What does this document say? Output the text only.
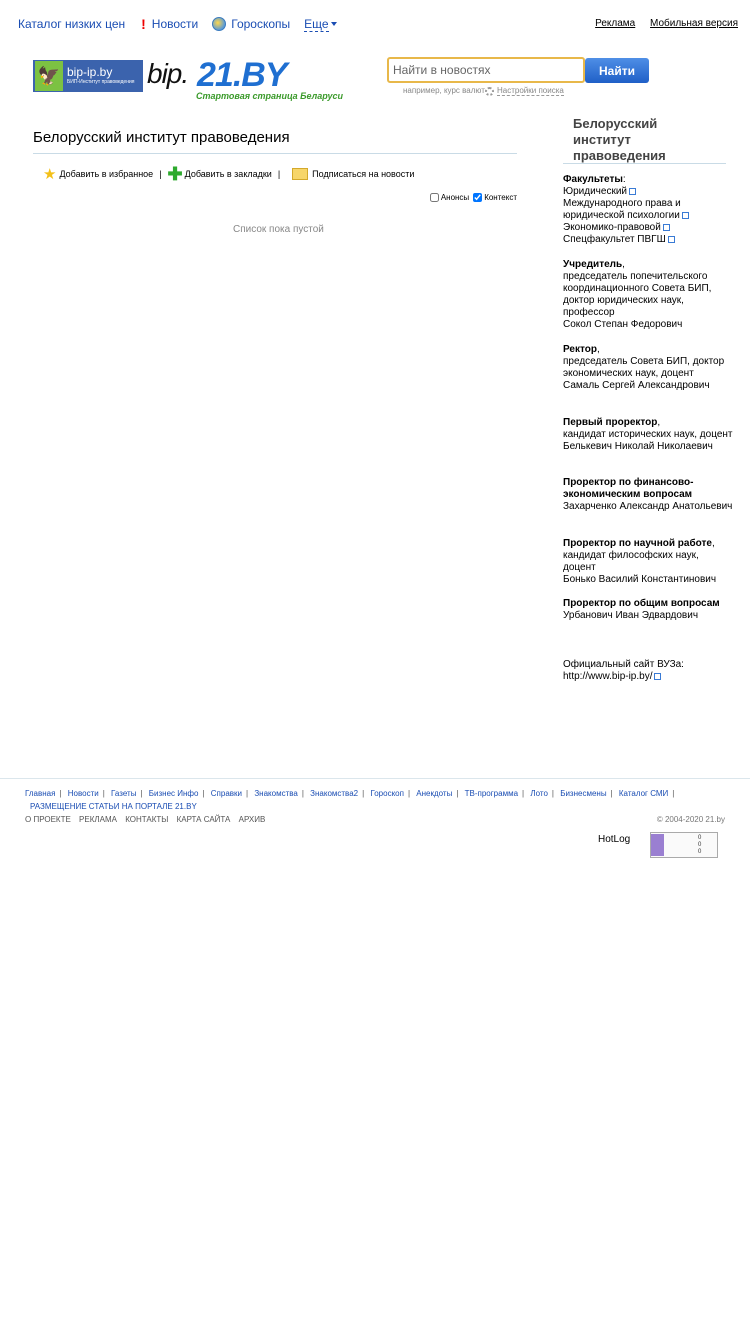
Каталог низких цен ! Новости	Гороскопы Еще	Реклама Мобильная версия
🦅 bip-ip.by
БИП-Институт правоведения bip. 21.BY
Стартовая страница Беларуси
Найти в новостях
Найти
например, курс валют Настройки поиска
Белорусский институт правоведения
★ Добавить в избранное | ✚ Добавить в закладки |	Подписаться на новости
Анонсы Контекст
Список пока пустой
Белорусский институт правоведения
Факультеты:
Юридический
Международного права и юридической психологии
Экономико-правовой
Спецфакультет ПВГШ
Учредитель,
председатель попечительского координационного Совета БИП, доктор юридических наук, профессор
Сокол Степан Федорович
Ректор,
председатель Совета БИП, доктор экономических наук, доцент
Самаль Сергей Александрович
Первый проректор,
кандидат исторических наук, доцент
Белькевич Николай Николаевич
Проректор по финансово-экономическим вопросам
Захарченко Александр Анатольевич
Проректор по научной работе,
кандидат философских наук, доцент
Бонько Василий Константинович
Проректор по общим вопросам
Урбанович Иван Эдвардович
Официальный сайт ВУЗа:
http://www.bip-ip.by/
Главная | Новости | Газеты | Бизнес Инфо | Справки | Знакомства | Знакомства2 | Гороскоп | Анекдоты | ТВ-программа | Лото | Бизнесмены | Каталог СМИ |
РАЗМЕЩЕНИЕ СТАТЬИ НА ПОРТАЛЕ 21.BY
О ПРОЕКТЕ РЕКЛАМА КОНТАКТЫ КАРТА САЙТА АРХИВ	© 2004-2020 21.by
HotLog	0
0
0
